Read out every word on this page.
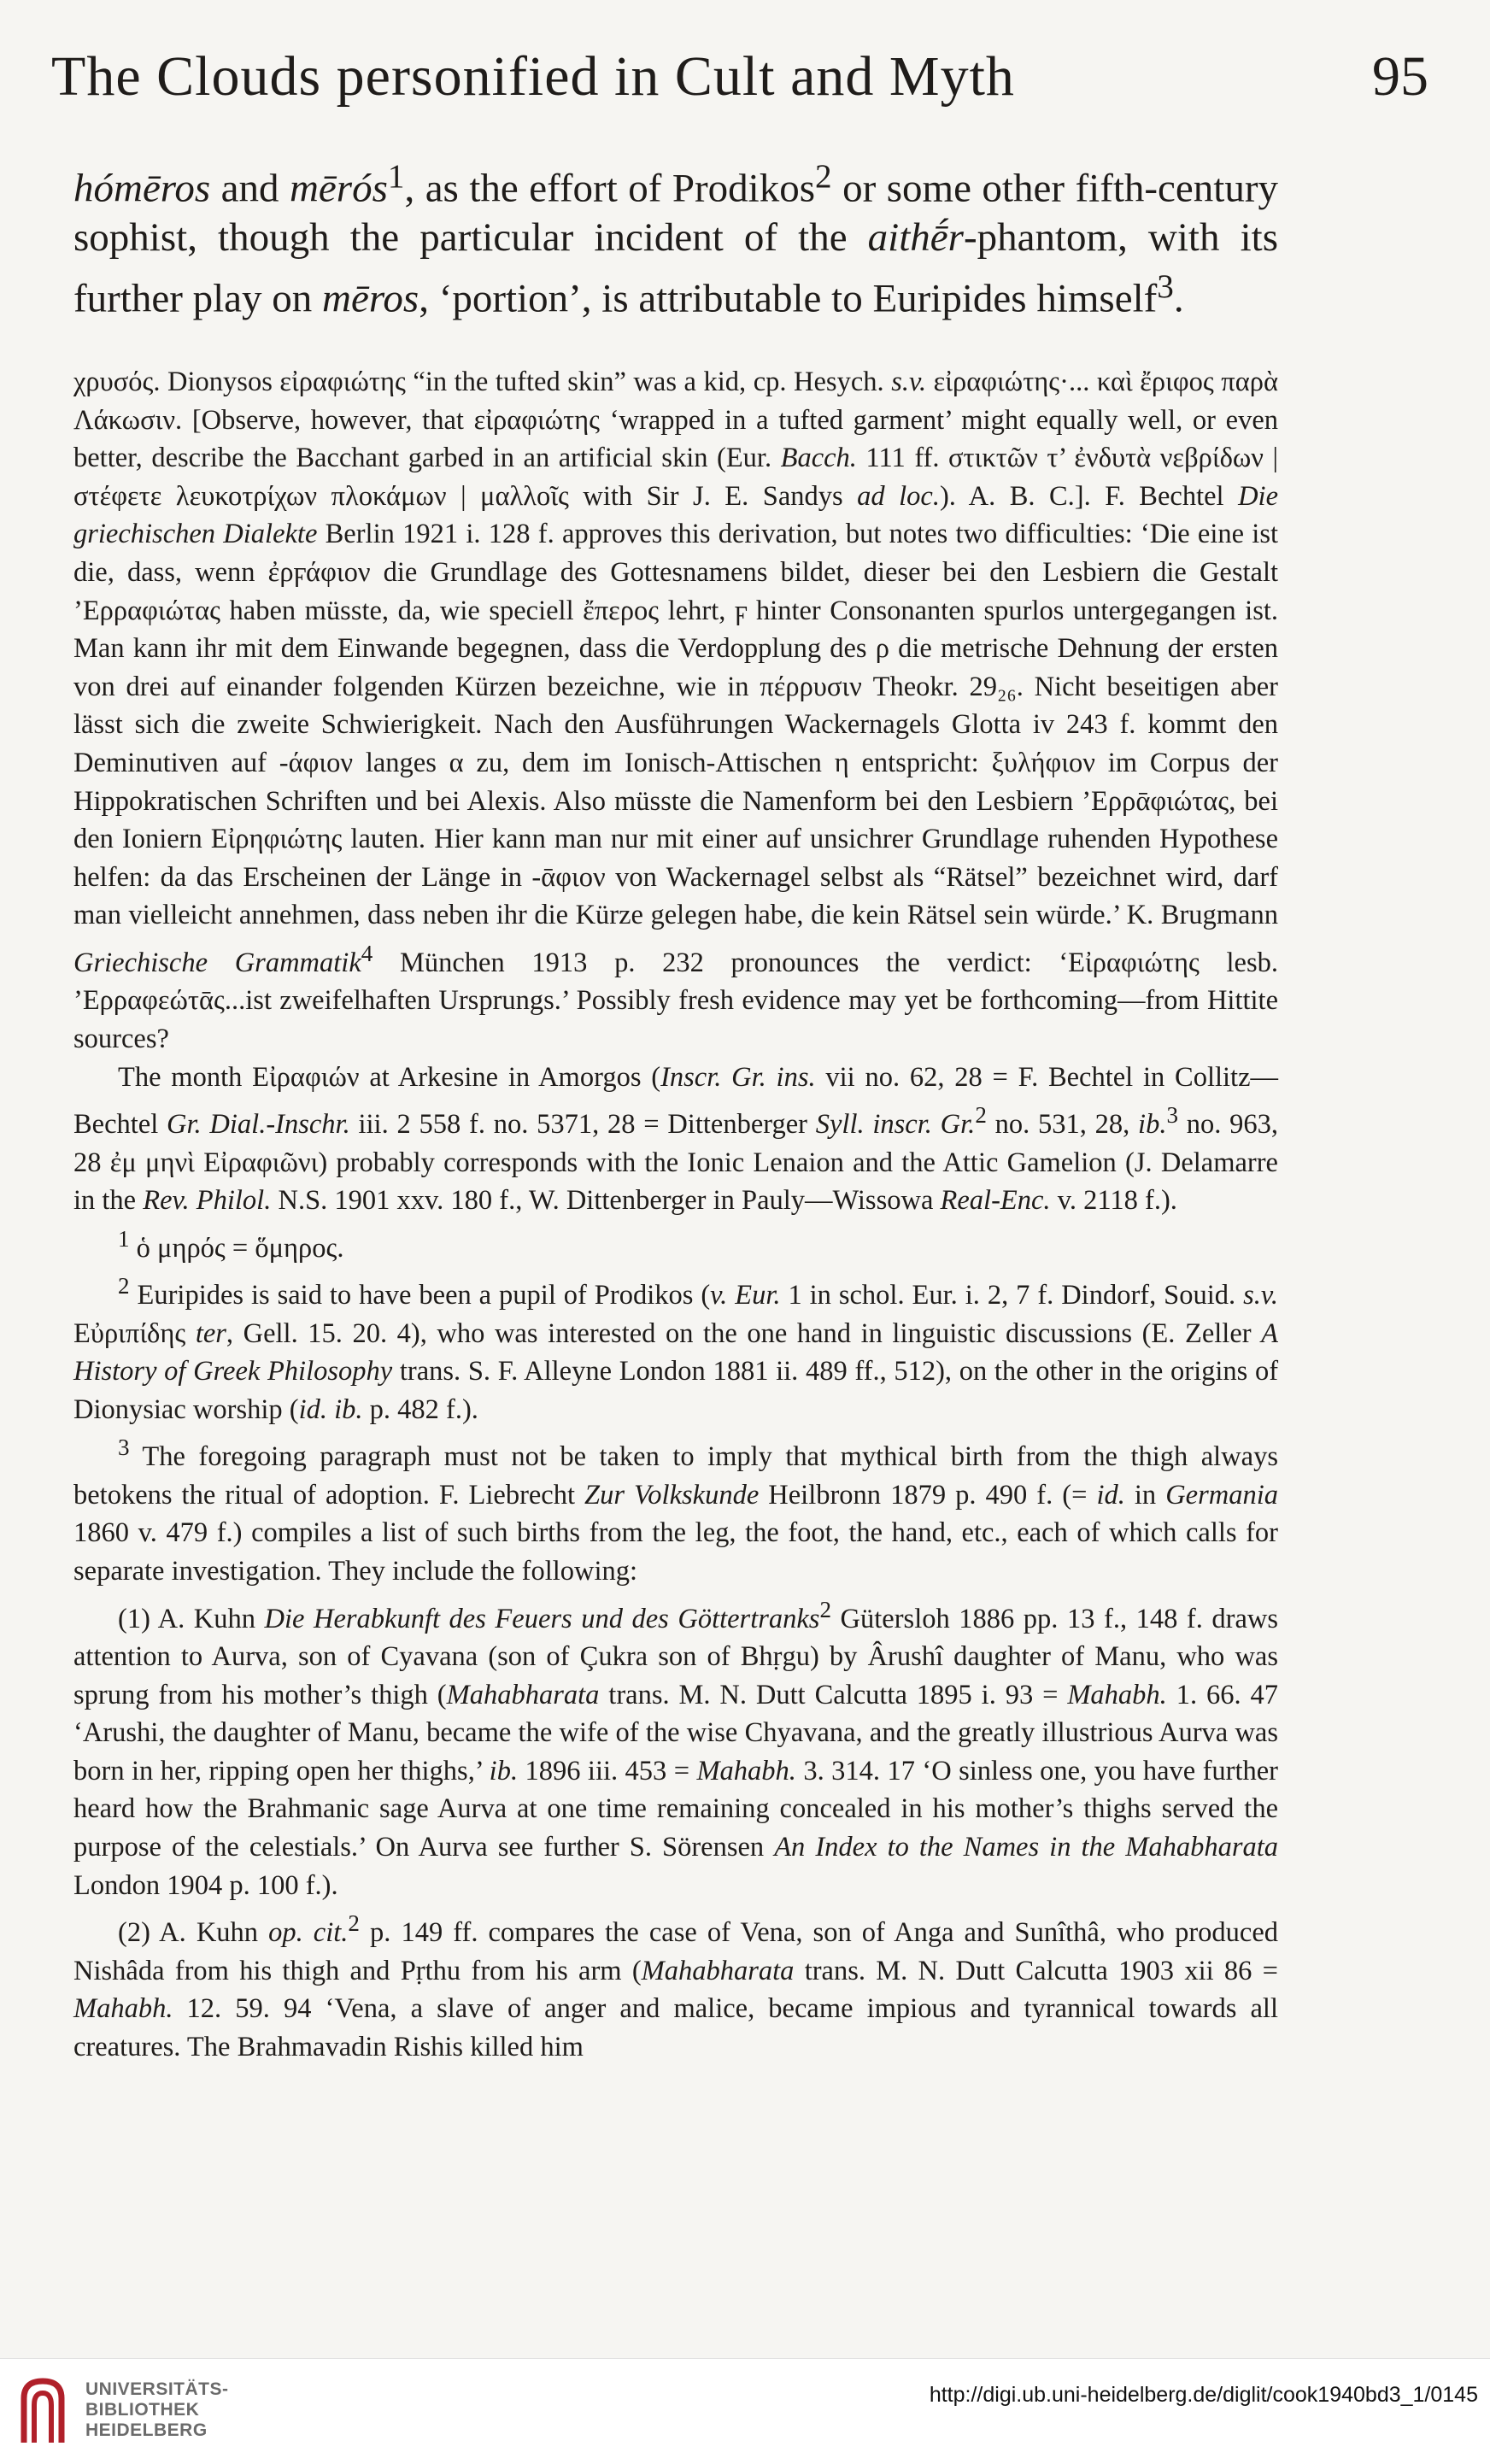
The Clouds personified in Cult and Myth	95

hómēros and mērós$^1$, as the effort of Prodikos$^2$ or some other fifth-century sophist, though the particular incident of the aithḗr-phantom, with its further play on mēros, ‘portion’, is attributable to Euripides himself$^3$.

χρυσός. Dionysos εἰραφιώτης “in the tufted skin” was a kid, cp. Hesych. s.v. εἰραφιώτης·... καὶ ἔριφος παρὰ Λάκωσιν. [Observe, however, that εἰραφιώτης ‘wrapped in a tufted garment’ might equally well, or even better, describe the Bacchant garbed in an artificial skin (Eur. Bacch. 111 ff. στικτῶν τ’ ἐνδυτὰ νεβρίδων | στέφετε λευκοτρίχων πλοκάμων | μαλλοῖς with Sir J. E. Sandys ad loc.). A. B. C.]. F. Bechtel Die griechischen Dialekte Berlin 1921 i. 128 f. approves this derivation, but notes two difficulties: ‘Die eine ist die, dass, wenn ἐρϝάφιον die Grundlage des Gottesnamens bildet, dieser bei den Lesbiern die Gestalt ’Ερραφιώτας haben müsste, da, wie speciell ἔπερος lehrt, ϝ hinter Consonanten spurlos untergegangen ist. Man kann ihr mit dem Einwande begegnen, dass die Verdopplung des ρ die metrische Dehnung der ersten von drei auf einander folgenden Kürzen bezeichne, wie in πέρρυσιν Theokr. 29₂₆. Nicht beseitigen aber lässt sich die zweite Schwierigkeit. Nach den Ausführungen Wackernagels Glotta iv 243 f. kommt den Deminutiven auf -άφιον langes α zu, dem im Ionisch-Attischen η entspricht: ξυλήφιον im Corpus der Hippokratischen Schriften und bei Alexis. Also müsste die Namenform bei den Lesbiern ’Ερρᾱφιώτας, bei den Ioniern Εἰρηφιώτης lauten. Hier kann man nur mit einer auf unsichrer Grundlage ruhenden Hypothese helfen: da das Erscheinen der Länge in -ᾱφιον von Wackernagel selbst als “Rätsel” bezeichnet wird, darf man vielleicht annehmen, dass neben ihr die Kürze gelegen habe, die kein Rätsel sein würde.’ K. Brugmann Griechische Grammatik$^4$ München 1913 p. 232 pronounces the verdict: ‘Εἰραφιώτης lesb. ’Ερραφεώτᾱς...ist zweifelhaften Ursprungs.’ Possibly fresh evidence may yet be forthcoming—from Hittite sources?

The month Εἰραφιών at Arkesine in Amorgos (Inscr. Gr. ins. vii no. 62, 28 = F. Bechtel in Collitz—Bechtel Gr. Dial.-Inschr. iii. 2 558 f. no. 5371, 28 = Dittenberger Syll. inscr. Gr.$^2$ no. 531, 28, ib.$^3$ no. 963, 28 ἐμ μηνὶ Εἰραφιῶνι) probably corresponds with the Ionic Lenaion and the Attic Gamelion (J. Delamarre in the Rev. Philol. N.S. 1901 xxv. 180 f., W. Dittenberger in Pauly—Wissowa Real-Enc. v. 2118 f.).

$^1$ ὁ μηρός = ὅμηρος.

$^2$ Euripides is said to have been a pupil of Prodikos (v. Eur. 1 in schol. Eur. i. 2, 7 f. Dindorf, Souid. s.v. Εὐριπίδης ter, Gell. 15. 20. 4), who was interested on the one hand in linguistic discussions (E. Zeller A History of Greek Philosophy trans. S. F. Alleyne London 1881 ii. 489 ff., 512), on the other in the origins of Dionysiac worship (id. ib. p. 482 f.).

$^3$ The foregoing paragraph must not be taken to imply that mythical birth from the thigh always betokens the ritual of adoption. F. Liebrecht Zur Volkskunde Heilbronn 1879 p. 490 f. (= id. in Germania 1860 v. 479 f.) compiles a list of such births from the leg, the foot, the hand, etc., each of which calls for separate investigation. They include the following:

(1) A. Kuhn Die Herabkunft des Feuers und des Göttertranks$^2$ Gütersloh 1886 pp. 13 f., 148 f. draws attention to Aurva, son of Cyavana (son of Çukra son of Bhṛgu) by Ârushî daughter of Manu, who was sprung from his mother’s thigh (Mahabharata trans. M. N. Dutt Calcutta 1895 i. 93 = Mahabh. 1. 66. 47 ‘Arushi, the daughter of Manu, became the wife of the wise Chyavana, and the greatly illustrious Aurva was born in her, ripping open her thighs,’ ib. 1896 iii. 453 = Mahabh. 3. 314. 17 ‘O sinless one, you have further heard how the Brahmanic sage Aurva at one time remaining concealed in his mother’s thighs served the purpose of the celestials.’ On Aurva see further S. Sörensen An Index to the Names in the Mahabharata London 1904 p. 100 f.).

(2) A. Kuhn op. cit.$^2$ p. 149 ff. compares the case of Vena, son of Anga and Sunîthâ, who produced Nishâda from his thigh and Pṛthu from his arm (Mahabharata trans. M. N. Dutt Calcutta 1903 xii 86 = Mahabh. 12. 59. 94 ‘Vena, a slave of anger and malice, became impious and tyrannical towards all creatures. The Brahmavadin Rishis killed him

UNIVERSITÄTS-
BIBLIOTHEK
HEIDELBERG
http://digi.ub.uni-heidelberg.de/diglit/cook1940bd3_1/0145
